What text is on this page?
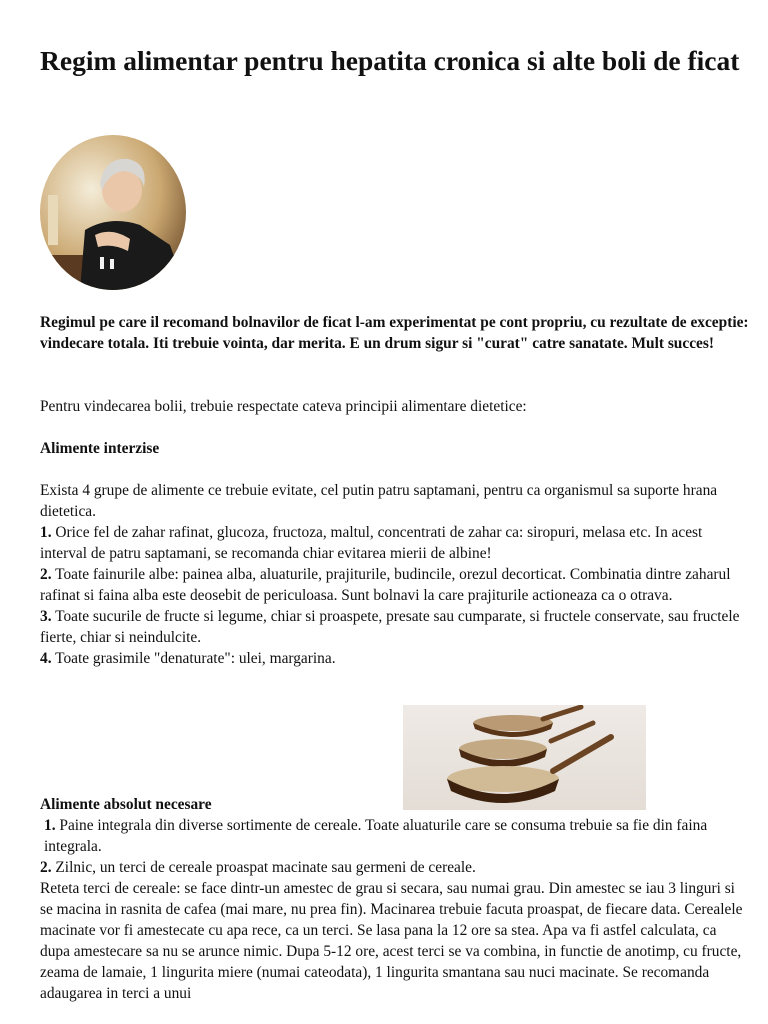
Regim alimentar pentru hepatita cronica si alte boli de ficat

Regimul pe care il recomand bolnavilor de ficat l-am experimentat pe cont propriu, cu rezultate de exceptie: vindecare totala. Iti trebuie vointa, dar merita. E un drum sigur si "curat" catre sanatate. Mult succes!

Pentru vindecarea bolii, trebuie respectate cateva principii alimentare dietetice:

Alimente interzise

Exista 4 grupe de alimente ce trebuie evitate, cel putin patru saptamani, pentru ca organismul sa suporte hrana dietetica.
1. Orice fel de zahar rafinat, glucoza, fructoza, maltul, concentrati de zahar ca: siropuri, melasa etc. In acest interval de patru saptamani, se recomanda chiar evitarea mierii de albine!
2. Toate fainurile albe: painea alba, aluaturile, prajiturile, budincile, orezul decorticat. Combinatia dintre zaharul rafinat si faina alba este deosebit de periculoasa. Sunt bolnavi la care prajiturile actioneaza ca o otrava.
3. Toate sucurile de fructe si legume, chiar si proaspete, presate sau cumparate, si fructele conservate, sau fructele fierte, chiar si neindulcite.
4. Toate grasimile "denaturate": ulei, margarina.

Alimente absolut necesare

1. Paine integrala din diverse sortimente de cereale. Toate aluaturile care se consuma trebuie sa fie din faina integrala.
2. Zilnic, un terci de cereale proaspat macinate sau germeni de cereale.
Reteta terci de cereale: se face dintr-un amestec de grau si secara, sau numai grau. Din amestec se iau 3 linguri si se macina in rasnita de cafea (mai mare, nu prea fin). Macinarea trebuie facuta proaspat, de fiecare data. Cerealele macinate vor fi amestecate cu apa rece, ca un terci. Se lasa pana la 12 ore sa stea. Apa va fi astfel calculata, ca dupa amestecare sa nu se arunce nimic. Dupa 5-12 ore, acest terci se va combina, in functie de anotimp, cu fructe, zeama de lamaie, 1 lingurita miere (numai cateodata), 1 lingurita smantana sau nuci macinate. Se recomanda adaugarea in terci a unui
